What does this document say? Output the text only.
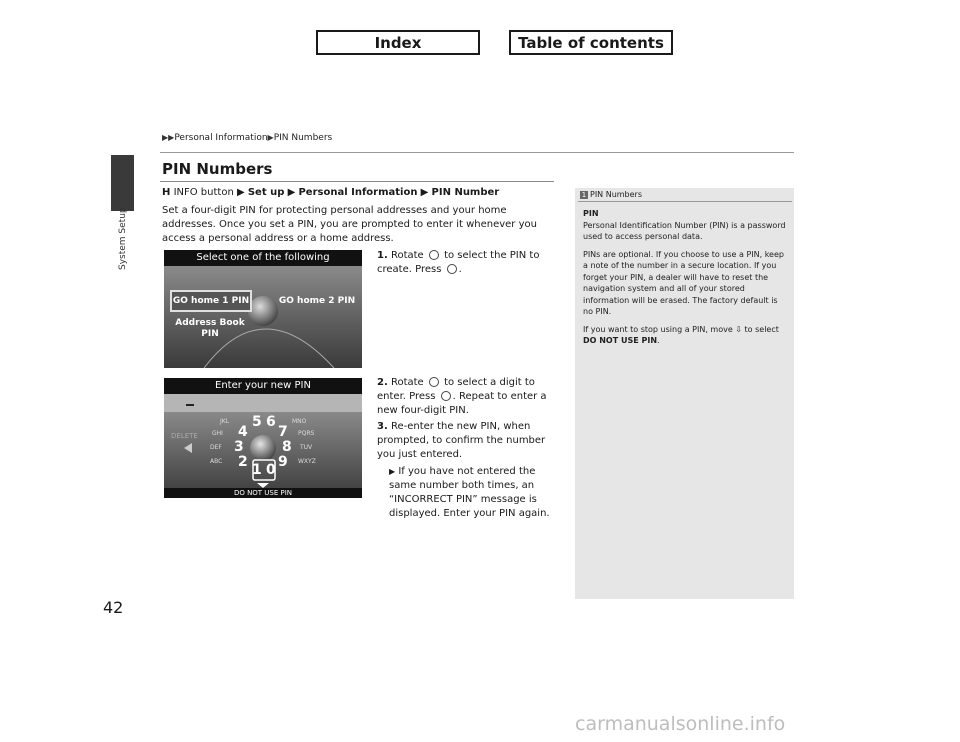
Index	Table of contents
System Setup
▶▶Personal Information▶PIN Numbers
PIN Numbers
H INFO button ▶ Set up ▶ Personal Information ▶ PIN Number
Set a four-digit PIN for protecting personal addresses and your home addresses. Once you set a PIN, you are prompted to enter it whenever you access a personal address or a home address.
Select one of the following
GO home 1 PIN	GO home 2 PIN
Address Book
PIN
Enter your new PIN
DELETE
JKL	MNO
GHI	PQRS
DEF	TUV
ABC	WXYZ
5 6
4 7
3	8
2 9
1 0
DO NOT USE PIN
1. Rotate to select the PIN to create. Press .
2. Rotate to select a digit to enter. Press . Repeat to enter a new four-digit PIN.
3. Re-enter the new PIN, when prompted, to confirm the number you just entered.
▶ If you have not entered the same number both times, an “INCORRECT PIN” message is displayed. Enter your PIN again.
1 PIN Numbers

PIN

Personal Identification Number (PIN) is a password used to access personal data.

PINs are optional. If you choose to use a PIN, keep a note of the number in a secure location. If you forget your PIN, a dealer will have to reset the navigation system and all of your stored information will be erased. The factory default is no PIN.

If you want to stop using a PIN, move ⇩ to select DO NOT USE PIN.

42
carmanualsonline.info
